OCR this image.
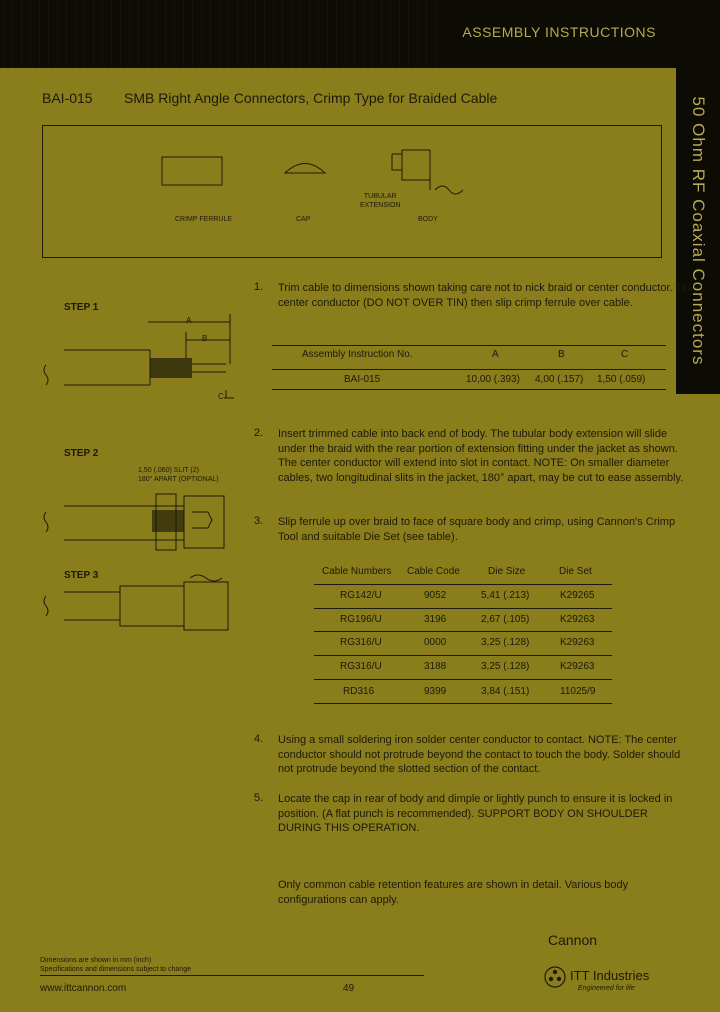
ASSEMBLY INSTRUCTIONS
50 Ohm RF Coaxial Connectors
BAI-015 SMB Right Angle Connectors, Crimp Type for Braided Cable
CRIMP FERRULE	CAP
TUBULAR
EXTENSION
BODY
STEP 1
A
B
C
STEP 2
1,50 (.060) SLIT (2)
180° APART (OPTIONAL)
STEP 3
1. Trim cable to dimensions shown taking care not to nick braid or center conductor. Tin center conductor (DO NOT OVER TIN) then slip crimp ferrule over cable.
Assembly Instruction No.	A	B	C
BAI-015	10,00 (.393) 4,00 (.157) 1,50 (.059)
2. Insert trimmed cable into back end of body. The tubular body extension will slide under the braid with the rear portion of extension fitting under the jacket as shown. The center conductor will extend into slot in contact. NOTE: On smaller diameter cables, two longitudinal slits in the jacket, 180° apart, may be cut to ease assembly.
3. Slip ferrule up over braid to face of square body and crimp, using Cannon's Crimp Tool and suitable Die Set (see table).
Cable Numbers Cable Code	Die Size	Die Set
RG142/U	9052	5,41 (.213)	K29265
RG196/U	3196	2,67 (.105)	K29263
RG316/U	0000	3,25 (.128)	K29263
RG316/U	3188	3,25 (.128)	K29263
RD316	9399	3,84 (.151)	11025/9
4. Using a small soldering iron solder center conductor to contact. NOTE: The center conductor should not protrude beyond the contact to touch the body. Solder should not protrude beyond the slotted section of the contact.
5. Locate the cap in rear of body and dimple or lightly punch to ensure it is locked in position. (A flat punch is recommended). SUPPORT BODY ON SHOULDER DURING THIS OPERATION.
Only common cable retention features are shown in detail. Various body configurations can apply.
Cannon
Dimensions are shown in mm (inch)
Specifications and dimensions subject to change
www.ittcannon.com	49
ITT Industries
Engineered for life
